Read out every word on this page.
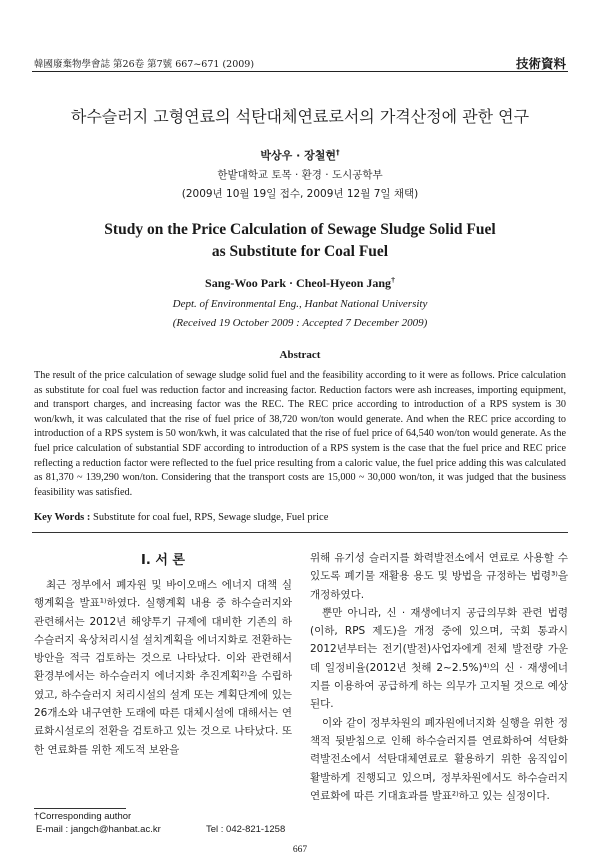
韓國廢棄物學會誌 第26卷 第7號 667~671 (2009)	技術資料
하수슬러지 고형연료의 석탄대체연료로서의 가격산정에 관한 연구
박상우 · 장철현†
한밭대학교 토목 · 환경 · 도시공학부
(2009년 10월 19일 접수, 2009년 12월 7일 채택)
Study on the Price Calculation of Sewage Sludge Solid Fuel
as Substitute for Coal Fuel
Sang-Woo Park · Cheol-Hyeon Jang†
Dept. of Environmental Eng., Hanbat National University
(Received 19 October 2009 : Accepted 7 December 2009)
Abstract
The result of the price calculation of sewage sludge solid fuel and the feasibility according to it were as follows. Price calculation as substitute for coal fuel was reduction factor and increasing factor. Reduction factors were ash increases, importing equipment, and transport charges, and increasing factor was the REC. The REC price according to introduction of a RPS system is 30 won/kwh, it was calculated that the rise of fuel price of 38,720 won/ton would generate. And when the REC price according to introduction of a RPS system is 50 won/kwh, it was calculated that the rise of fuel price of 64,540 won/ton would generate. As the fuel price calculation of substantial SDF according to introduction of a RPS system is the case that the fuel price and REC price reflecting a reduction factor were reflected to the fuel price resulting from a caloric value, the fuel price adding this was calculated as 81,370 ~ 139,290 won/ton. Considering that the transport costs are 15,000 ~ 30,000 won/ton, it was judged that the business feasibility was satisfied.
Key Words : Substitute for coal fuel, RPS, Sewage sludge, Fuel price
I. 서 론

최근 정부에서 폐자원 및 바이오매스 에너지 대책 실행계획을 발표¹⁾하였다. 실행계획 내용 중 하수슬러지와 관련해서는 2012년 해양투기 규제에 대비한 기존의 하수슬러지 육상처리시설 설치계획을 에너지화로 전환하는 방안을 적극 검토하는 것으로 나타났다. 이와 관련해서 환경부에서는 하수슬러지 에너지화 추진계획²⁾을 수립하였고, 하수슬러지 처리시설의 설계 또는 계획단계에 있는 26개소와 내구연한 도래에 따른 대체시설에 대해서는 연료화시설로의 전환을 검토하고 있는 것으로 나타났다. 또한 연료화를 위한 제도적 보완을

위해 유기성 슬러지를 화력발전소에서 연료로 사용할 수 있도록 폐기물 재활용 용도 및 방법을 규정하는 법령³⁾을 개정하였다.

뿐만 아니라, 신 · 재생에너지 공급의무화 관련 법령(이하, RPS 제도)을 개정 중에 있으며, 국회 통과시 2012년부터는 전기(발전)사업자에게 전체 발전량 가운데 일정비율(2012년 첫해 2~2.5%)⁴⁾의 신 · 재생에너지를 이용하여 공급하게 하는 의무가 고지될 것으로 예상된다.

이와 같이 정부차원의 폐자원에너지화 실행을 위한 정책적 뒷받침으로 인해 하수슬러지를 연료화하여 석탄화력발전소에서 석탄대체연료로 활용하기 위한 움직임이 활발하게 진행되고 있으며, 정부차원에서도 하수슬러지 연료화에 따른 기대효과를 발표²⁾하고 있는 실정이다.

†Corresponding author
E-mail : jangch@hanbat.ac.kr	Tel : 042-821-1258
667
